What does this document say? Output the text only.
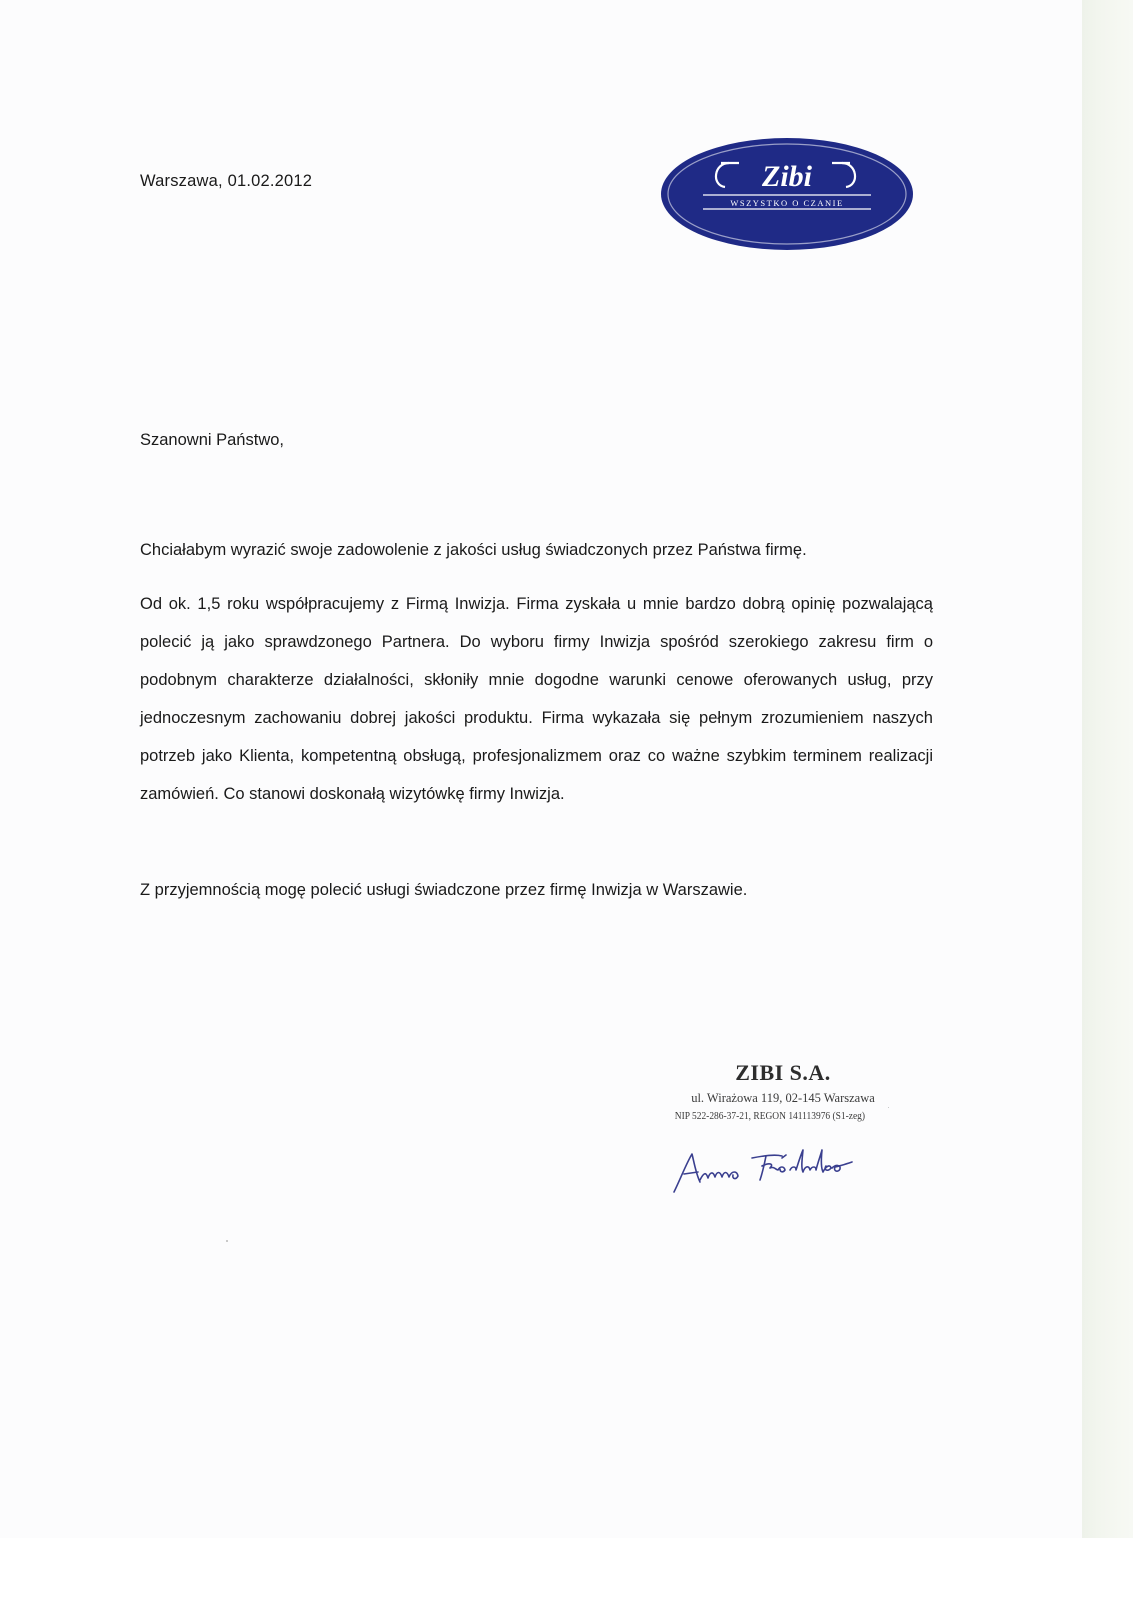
Warszawa, 01.02.2012	Zibi
WSZYSTKO O CZANIE
Szanowni Państwo,
Chciałabym wyrazić swoje zadowolenie z jakości usług świadczonych przez Państwa firmę.

Od ok. 1,5 roku współpracujemy z Firmą Inwizja. Firma zyskała u mnie bardzo dobrą opinię pozwalającą polecić ją jako sprawdzonego Partnera. Do wyboru firmy Inwizja spośród szerokiego zakresu firm o podobnym charakterze działalności, skłoniły mnie dogodne warunki cenowe oferowanych usług, przy jednoczesnym zachowaniu dobrej jakości produktu. Firma wykazała się pełnym zrozumieniem naszych potrzeb jako Klienta, kompetentną obsługą, profesjonalizmem oraz co ważne szybkim terminem realizacji zamówień. Co stanowi doskonałą wizytówkę firmy Inwizja.

Z przyjemnością mogę polecić usługi świadczone przez firmę Inwizja w Warszawie.
ZIBI S.A.
ul. Wirażowa 119, 02-145 Warszawa
NIP 522-286-37-21, REGON 141113976 (S1-zeg)
